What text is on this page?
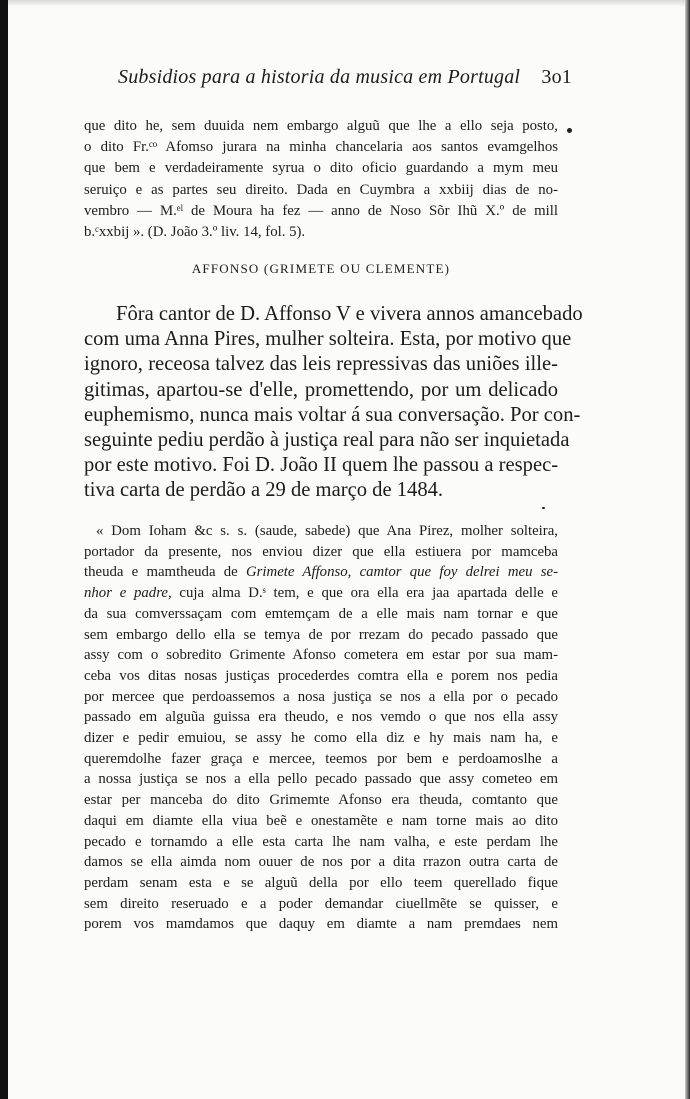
Subsidios para a historia da musica em Portugal 3o1
que dito he, sem duuida nem embargo alguũ que lhe a ello seja posto,
o dito Fr.ᶜᵒ Afomso jurara na minha chancelaria aos santos evamgelhos
que bem e verdadeiramente syrua o dito oficio guardando a mym meu
seruiço e as partes seu direito. Dada en Cuymbra a xxbiij dias de no-
vembro — M.ᵉˡ de Moura ha fez — anno de Noso Sõr Ihũ X.º de mill
b.ᶜxxbij ». (D. João 3.º liv. 14, fol. 5).
AFFONSO (GRIMETE OU CLEMENTE)
Fôra cantor de D. Affonso V e vivera annos amancebado
com uma Anna Pires, mulher solteira. Esta, por motivo que
ignoro, receosa talvez das leis repressivas das uniões ille-
gitimas, apartou-se d'elle, promettendo, por um delicado
euphemismo, nunca mais voltar á sua conversação. Por con-
seguinte pediu perdão à justiça real para não ser inquietada
por este motivo. Foi D. João II quem lhe passou a respec-
tiva carta de perdão a 29 de março de 1484.
« Dom Ioham &c s. s. (saude, sabede) que Ana Pirez, molher solteira,
portador da presente, nos enviou dizer que ella estiuera por mamceba
theuda e mamtheuda de Grimete Affonso, camtor que foy delrei meu se-
nhor e padre, cuja alma D.ˢ tem, e que ora ella era jaa apartada delle e
da sua comverssaçam com emtemçam de a elle mais nam tornar e que
sem embargo dello ella se temya de por rrezam do pecado passado que
assy com o sobredito Grimente Afonso cometera em estar por sua mam-
ceba vos ditas nosas justiças procederdes comtra ella e porem nos pedia
por mercee que perdoassemos a nosa justiça se nos a ella por o pecado
passado em alguũa guissa era theudo, e nos vemdo o que nos ella assy
dizer e pedir emuiou, se assy he como ella diz e hy mais nam ha, e
queremdolhe fazer graça e mercee, teemos por bem e perdoamoslhe a
a nossa justiça se nos a ella pello pecado passado que assy cometeo em
estar per manceba do dito Grimemte Afonso era theuda, comtanto que
daqui em diamte ella viua beẽ e onestamẽte e nam torne mais ao dito
pecado e tornamdo a elle esta carta lhe nam valha, e este perdam lhe
damos se ella aimda nom ouuer de nos por a dita rrazon outra carta de
perdam senam esta e se alguũ della por ello teem querellado fique
sem direito reseruado e a poder demandar ciuellmẽte se quisser, e
porem vos mamdamos que daquy em diamte a nam premdaes nem
